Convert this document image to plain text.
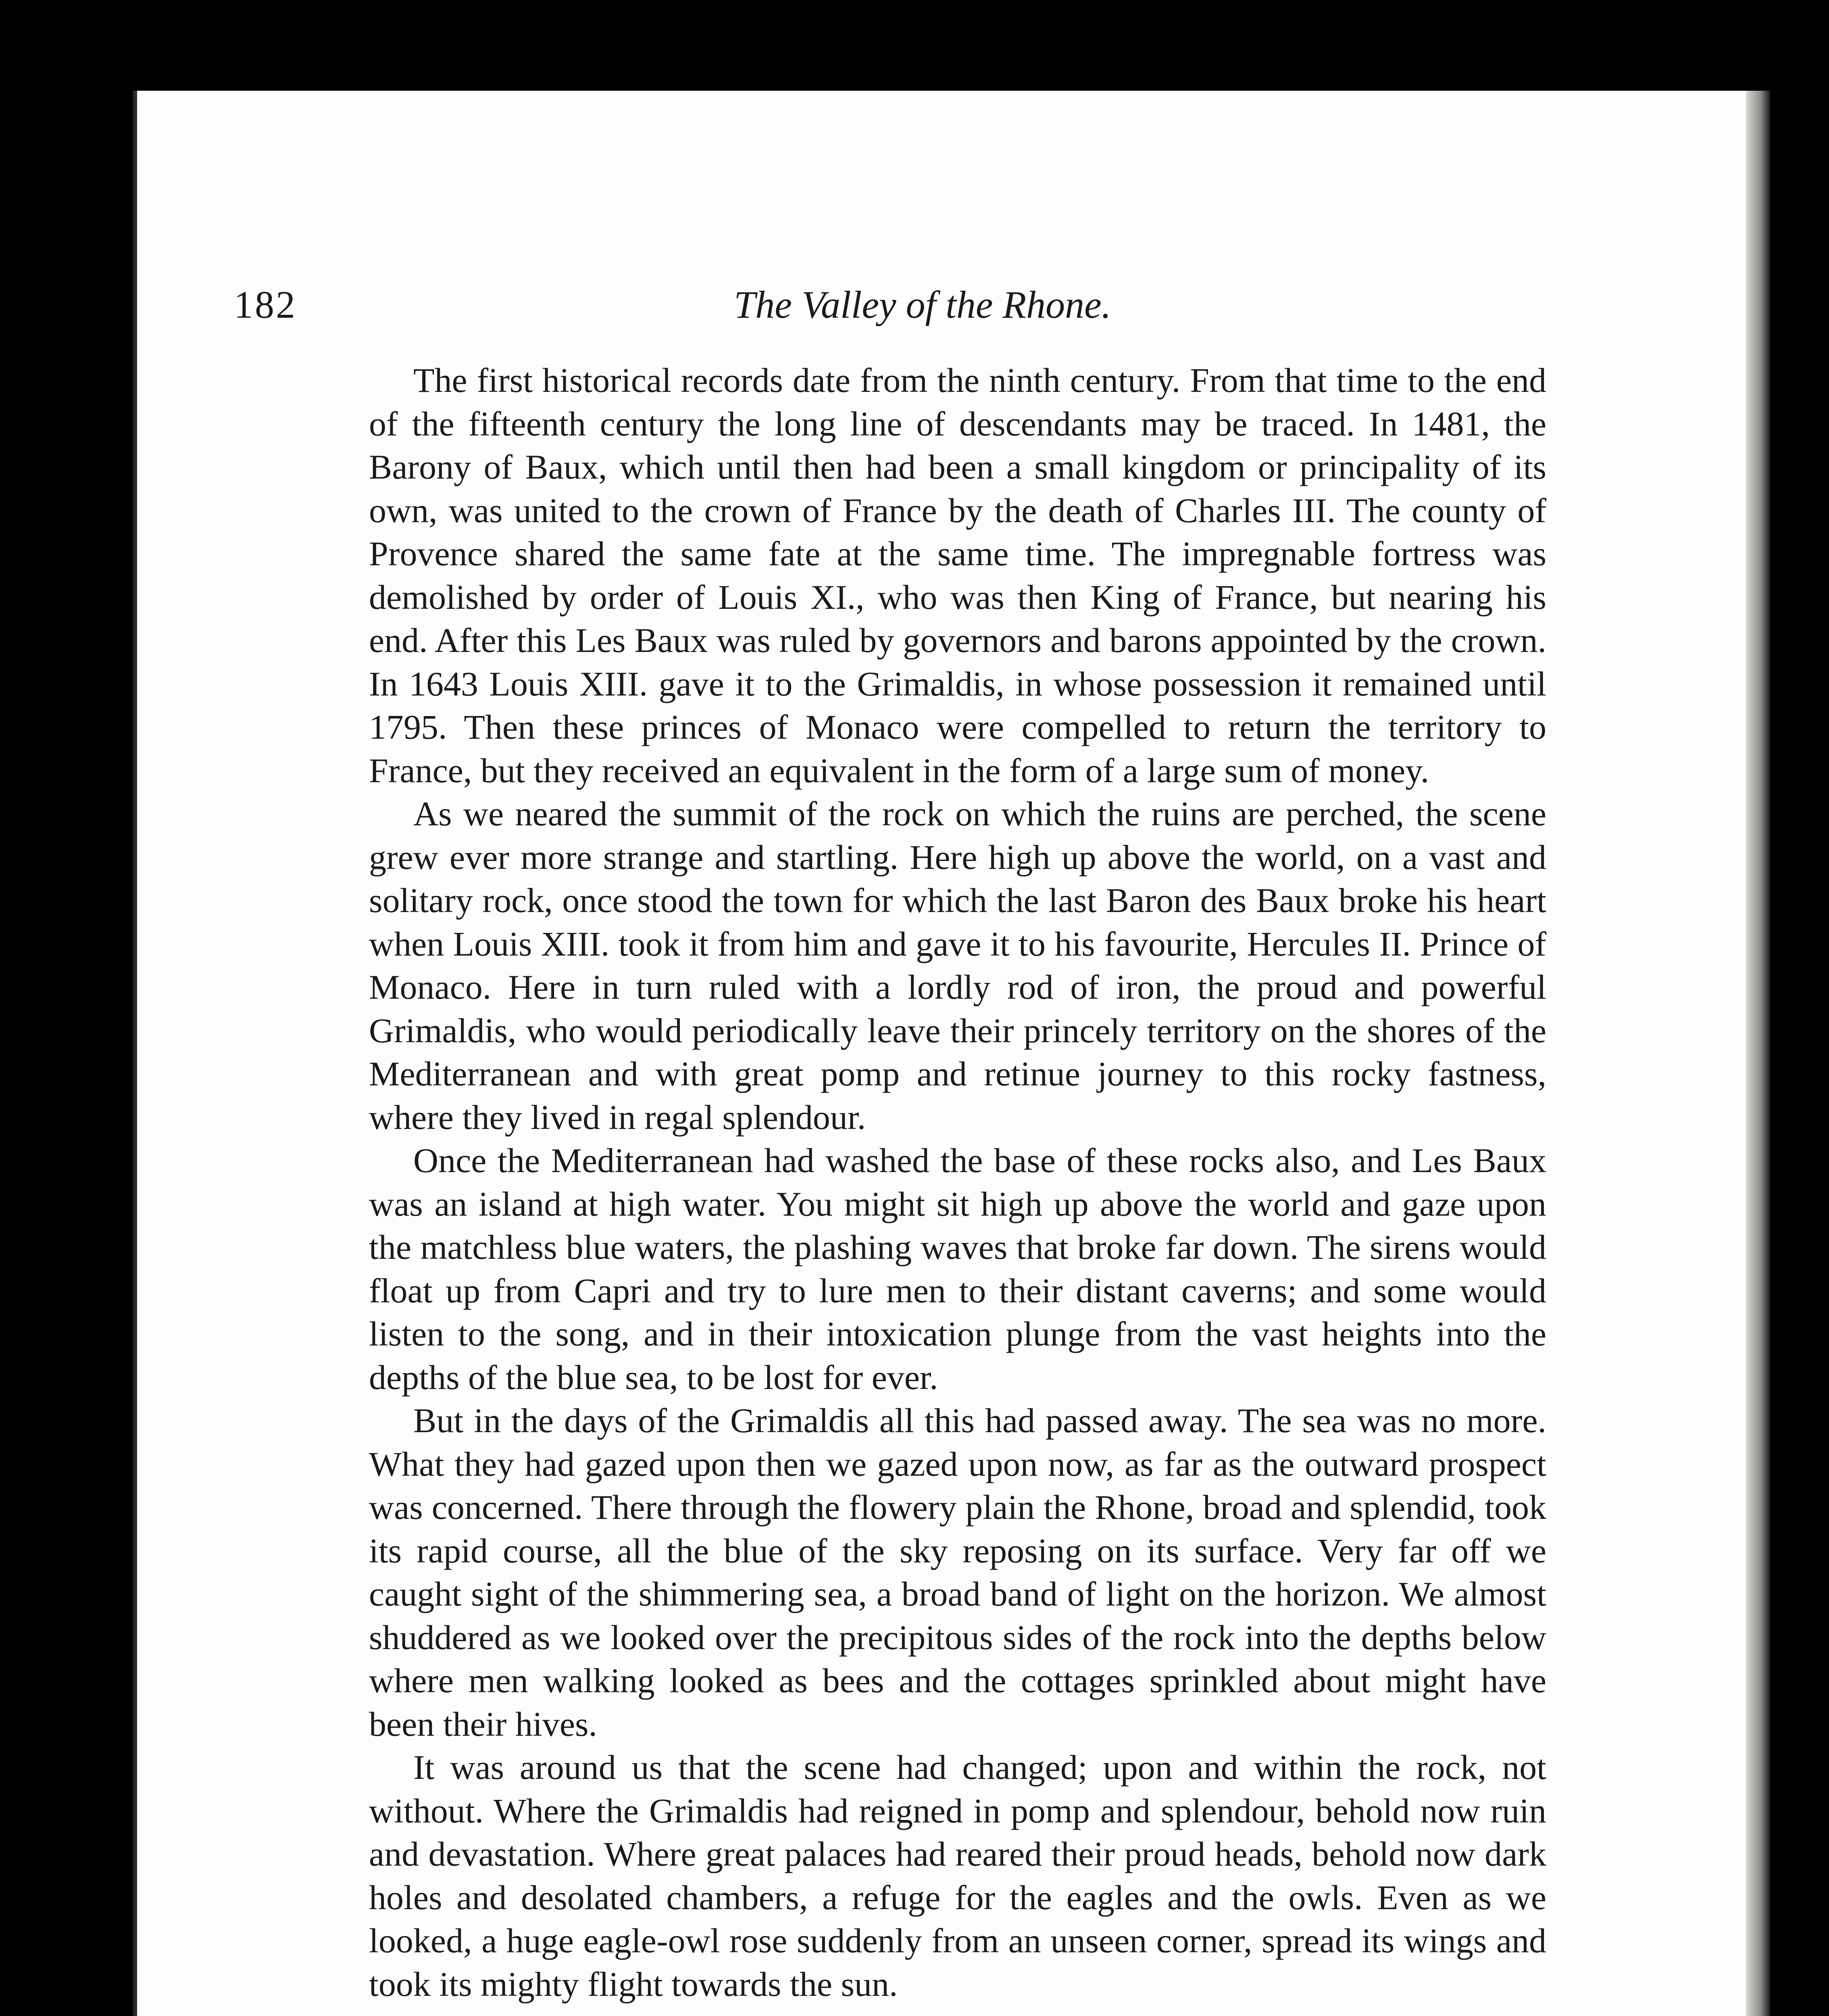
182	The Valley of the Rhone.

The first historical records date from the ninth century. From that time to the end of the fifteenth century the long line of descendants may be traced. In 1481, the Barony of Baux, which until then had been a small kingdom or principality of its own, was united to the crown of France by the death of Charles III. The county of Provence shared the same fate at the same time. The impregnable fortress was demolished by order of Louis XI., who was then King of France, but nearing his end. After this Les Baux was ruled by governors and barons appointed by the crown. In 1643 Louis XIII. gave it to the Grimaldis, in whose possession it remained until 1795. Then these princes of Monaco were compelled to return the territory to France, but they received an equivalent in the form of a large sum of money.

As we neared the summit of the rock on which the ruins are perched, the scene grew ever more strange and startling. Here high up above the world, on a vast and solitary rock, once stood the town for which the last Baron des Baux broke his heart when Louis XIII. took it from him and gave it to his favourite, Hercules II. Prince of Monaco. Here in turn ruled with a lordly rod of iron, the proud and powerful Grimaldis, who would periodically leave their princely territory on the shores of the Mediterranean and with great pomp and retinue journey to this rocky fastness, where they lived in regal splendour.

Once the Mediterranean had washed the base of these rocks also, and Les Baux was an island at high water. You might sit high up above the world and gaze upon the matchless blue waters, the plashing waves that broke far down. The sirens would float up from Capri and try to lure men to their distant caverns; and some would listen to the song, and in their intoxication plunge from the vast heights into the depths of the blue sea, to be lost for ever.

But in the days of the Grimaldis all this had passed away. The sea was no more. What they had gazed upon then we gazed upon now, as far as the outward prospect was concerned. There through the flowery plain the Rhone, broad and splendid, took its rapid course, all the blue of the sky reposing on its surface. Very far off we caught sight of the shimmering sea, a broad band of light on the horizon. We almost shuddered as we looked over the precipitous sides of the rock into the depths below where men walking looked as bees and the cottages sprinkled about might have been their hives.

It was around us that the scene had changed; upon and within the rock, not without. Where the Grimaldis had reigned in pomp and splendour, behold now ruin and devastation. Where great palaces had reared their proud heads, behold now dark holes and desolated chambers, a refuge for the eagles and the owls. Even as we looked, a huge eagle-owl rose suddenly from an unseen corner, spread its wings and took its mighty flight towards the sun.
